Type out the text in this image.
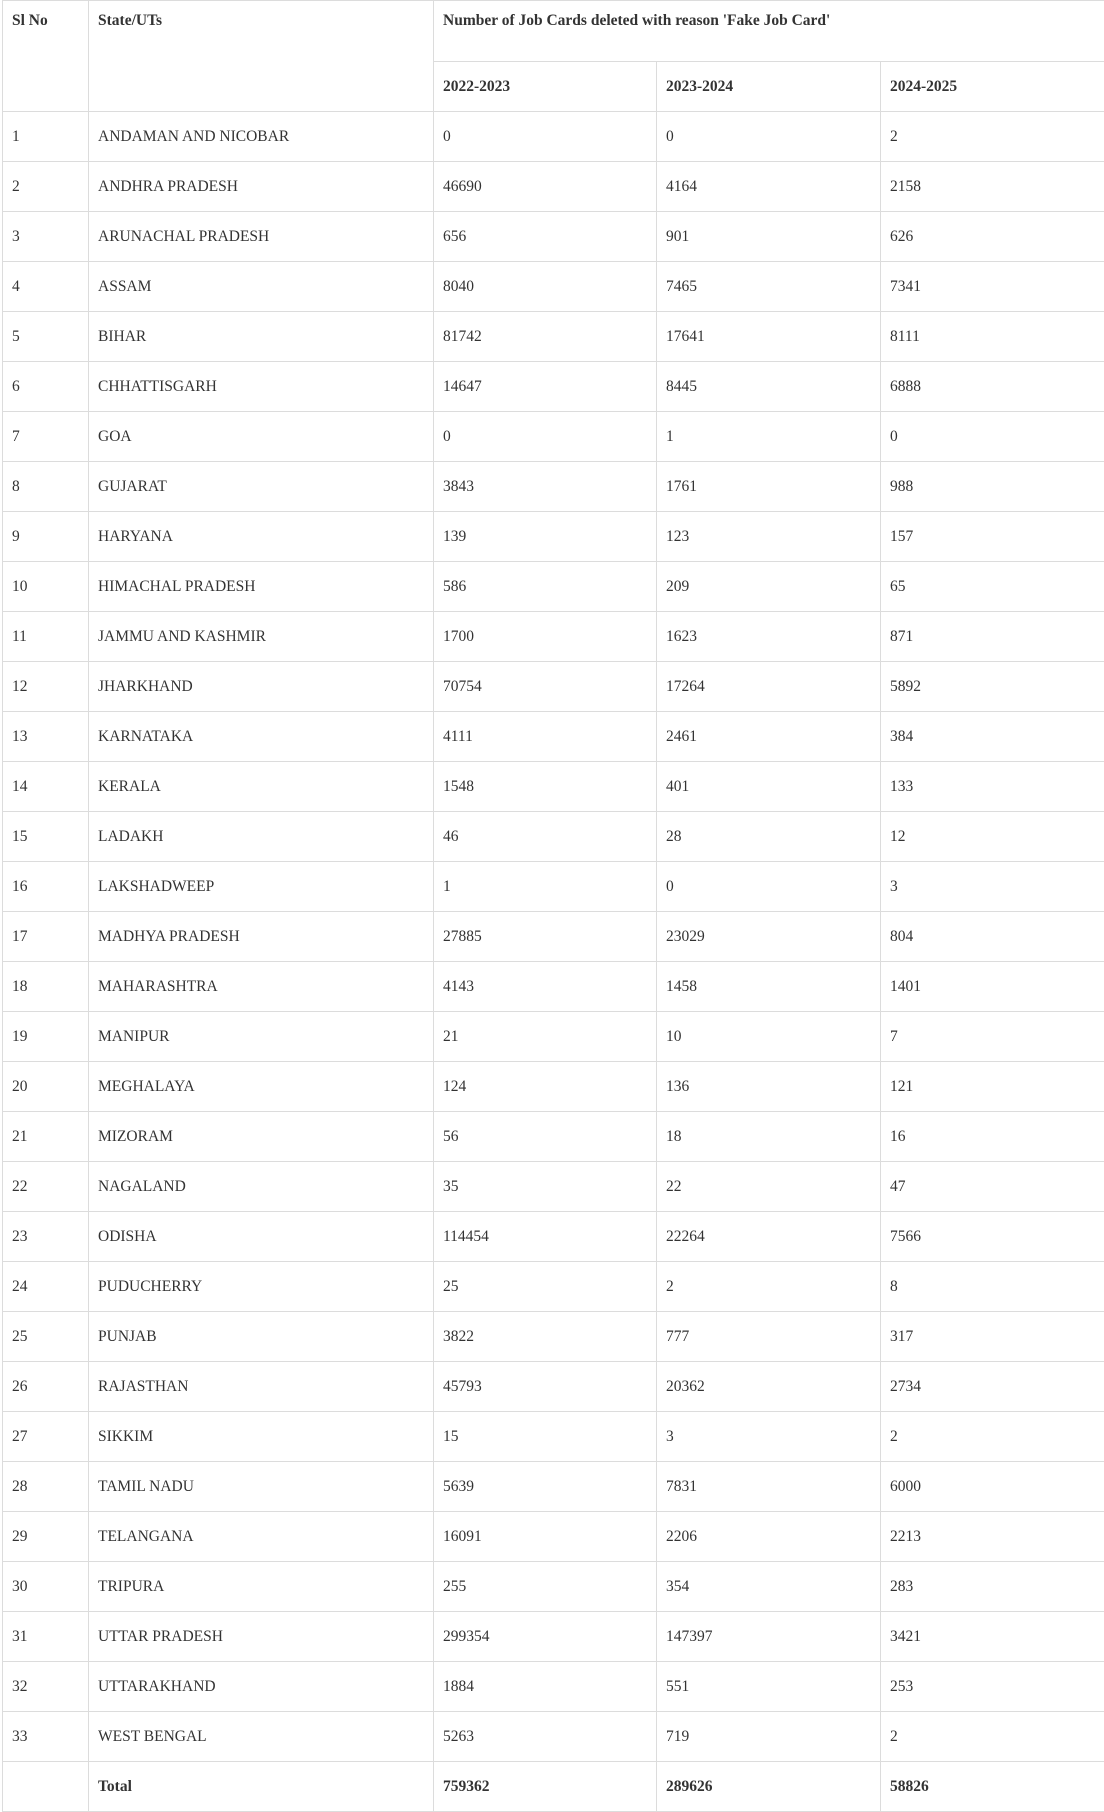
Sl No	State/UTs	Number of Job Cards deleted with reason 'Fake Job Card'		
		2022-2023	2023-2024	2024-2025
1	ANDAMAN AND NICOBAR	0	0	2
2	ANDHRA PRADESH	46690	4164	2158
3	ARUNACHAL PRADESH	656	901	626
4	ASSAM	8040	7465	7341
5	BIHAR	81742	17641	8111
6	CHHATTISGARH	14647	8445	6888
7	GOA	0	1	0
8	GUJARAT	3843	1761	988
9	HARYANA	139	123	157
10	HIMACHAL PRADESH	586	209	65
11	JAMMU AND KASHMIR	1700	1623	871
12	JHARKHAND	70754	17264	5892
13	KARNATAKA	4111	2461	384
14	KERALA	1548	401	133
15	LADAKH	46	28	12
16	LAKSHADWEEP	1	0	3
17	MADHYA PRADESH	27885	23029	804
18	MAHARASHTRA	4143	1458	1401
19	MANIPUR	21	10	7
20	MEGHALAYA	124	136	121
21	MIZORAM	56	18	16
22	NAGALAND	35	22	47
23	ODISHA	114454	22264	7566
24	PUDUCHERRY	25	2	8
25	PUNJAB	3822	777	317
26	RAJASTHAN	45793	20362	2734
27	SIKKIM	15	3	2
28	TAMIL NADU	5639	7831	6000
29	TELANGANA	16091	2206	2213
30	TRIPURA	255	354	283
31	UTTAR PRADESH	299354	147397	3421
32	UTTARAKHAND	1884	551	253
33	WEST BENGAL	5263	719	2
	Total	759362	289626	58826
